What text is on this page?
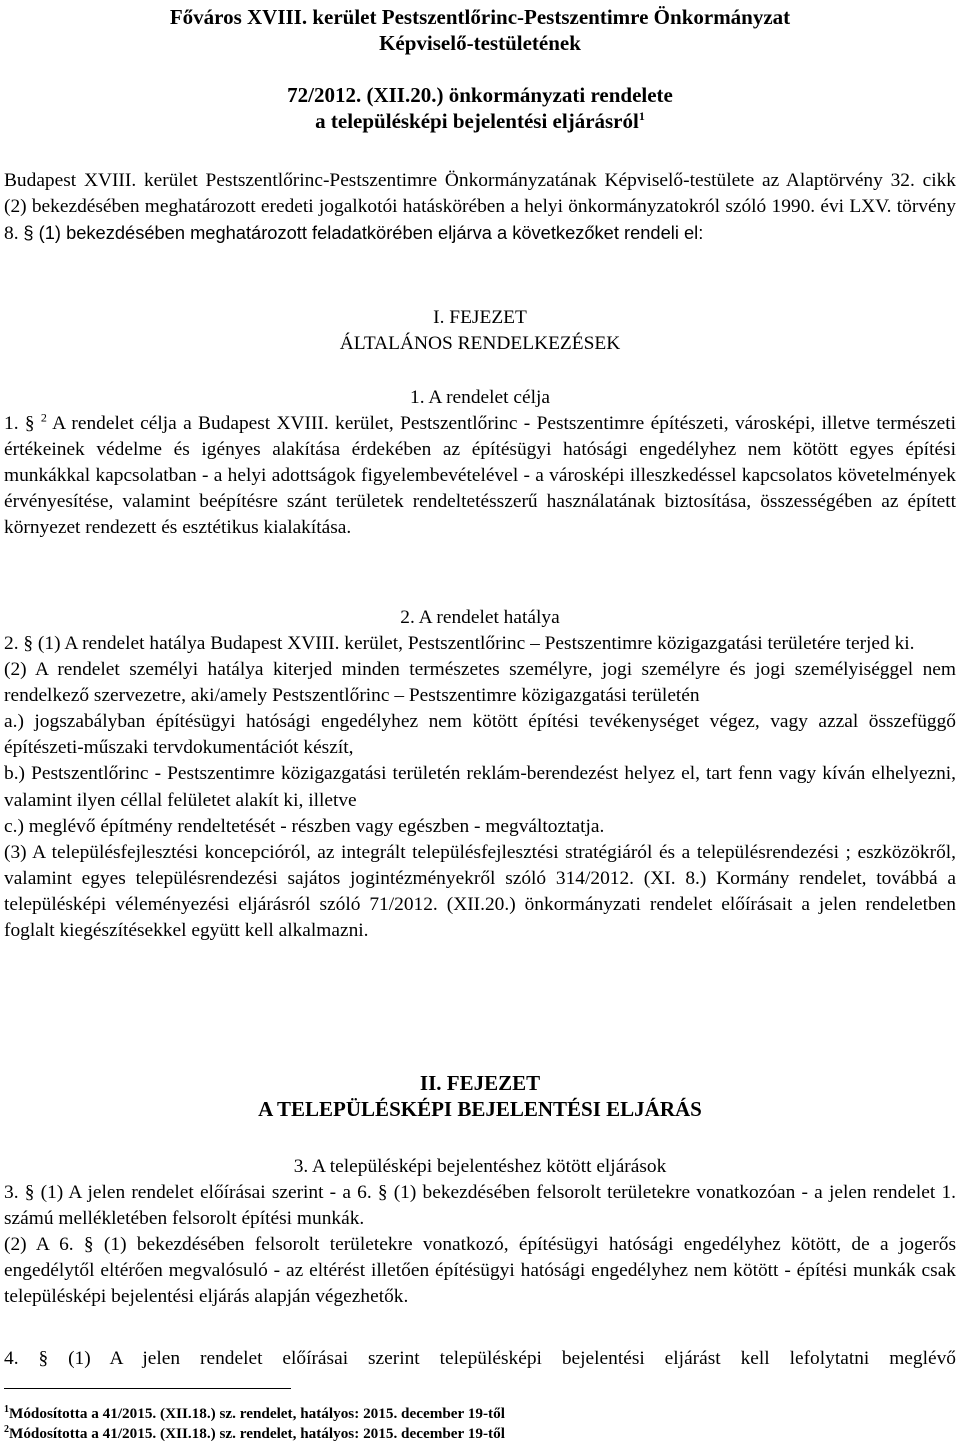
Főváros XVIII. kerület Pestszentlőrinc-Pestszentimre Önkormányzat
Képviselő-testületének
72/2012. (XII.20.) önkormányzati rendelete
a településképi bejelentési eljárásról$^1$
Budapest XVIII. kerület Pestszentlőrinc-Pestszentimre Önkormányzatának Képviselő-testülete az Alaptörvény 32. cikk (2) bekezdésében meghatározott eredeti jogalkotói hatáskörében a helyi önkormányzatokról szóló 1990. évi LXV. törvény 8. § (1) bekezdésében meghatározott feladatkörében eljárva a következőket rendeli el:
I. FEJEZET
ÁLTALÁNOS RENDELKEZÉSEK
1. A rendelet célja
1. § $^2$ A rendelet célja a Budapest XVIII. kerület, Pestszentlőrinc - Pestszentimre építészeti, városképi, illetve természeti értékeinek védelme és igényes alakítása érdekében az építésügyi hatósági engedélyhez nem kötött egyes építési munkákkal kapcsolatban - a helyi adottságok figyelembevételével - a városképi illeszkedéssel kapcsolatos követelmények érvényesítése, valamint beépítésre szánt területek rendeltetésszerű használatának biztosítása, összességében az épített környezet rendezett és esztétikus kialakítása.
2. A rendelet hatálya
2. § (1) A rendelet hatálya Budapest XVIII. kerület, Pestszentlőrinc – Pestszentimre közigazgatási területére terjed ki.
(2) A rendelet személyi hatálya kiterjed minden természetes személyre, jogi személyre és jogi személyiséggel nem rendelkező szervezetre, aki/amely Pestszentlőrinc – Pestszentimre közigazgatási területén
a.) jogszabályban építésügyi hatósági engedélyhez nem kötött építési tevékenységet végez, vagy azzal összefüggő építészeti-műszaki tervdokumentációt készít,
b.) Pestszentlőrinc - Pestszentimre közigazgatási területén reklám-berendezést helyez el, tart fenn vagy kíván elhelyezni, valamint ilyen céllal felületet alakít ki, illetve
c.) meglévő építmény rendeltetését - részben vagy egészben - megváltoztatja.
(3) A településfejlesztési koncepcióról, az integrált településfejlesztési stratégiáról és a településrendezési ; eszközökről, valamint egyes településrendezési sajátos jogintézményekről szóló 314/2012. (XI. 8.) Kormány rendelet, továbbá a településképi véleményezési eljárásról szóló 71/2012. (XII.20.) önkormányzati rendelet előírásait a jelen rendeletben foglalt kiegészítésekkel együtt kell alkalmazni.
II. FEJEZET
A TELEPÜLÉSKÉPI BEJELENTÉSI ELJÁRÁS
3. A településképi bejelentéshez kötött eljárások
3. § (1) A jelen rendelet előírásai szerint - a 6. § (1) bekezdésében felsorolt területekre vonatkozóan - a jelen rendelet 1. számú mellékletében felsorolt építési munkák.
(2) A 6. § (1) bekezdésében felsorolt területekre vonatkozó, építésügyi hatósági engedélyhez kötött, de a jogerős engedélytől eltérően megvalósuló - az eltérést illetően építésügyi hatósági engedélyhez nem kötött - építési munkák csak településképi bejelentési eljárás alapján végezhetők.
4. § (1) A jelen rendelet előírásai szerint településképi bejelentési eljárást kell lefolytatni meglévő
$^1$Módosította a 41/2015. (XII.18.) sz. rendelet, hatályos: 2015. december 19-től
$^2$Módosította a 41/2015. (XII.18.) sz. rendelet, hatályos: 2015. december 19-től
